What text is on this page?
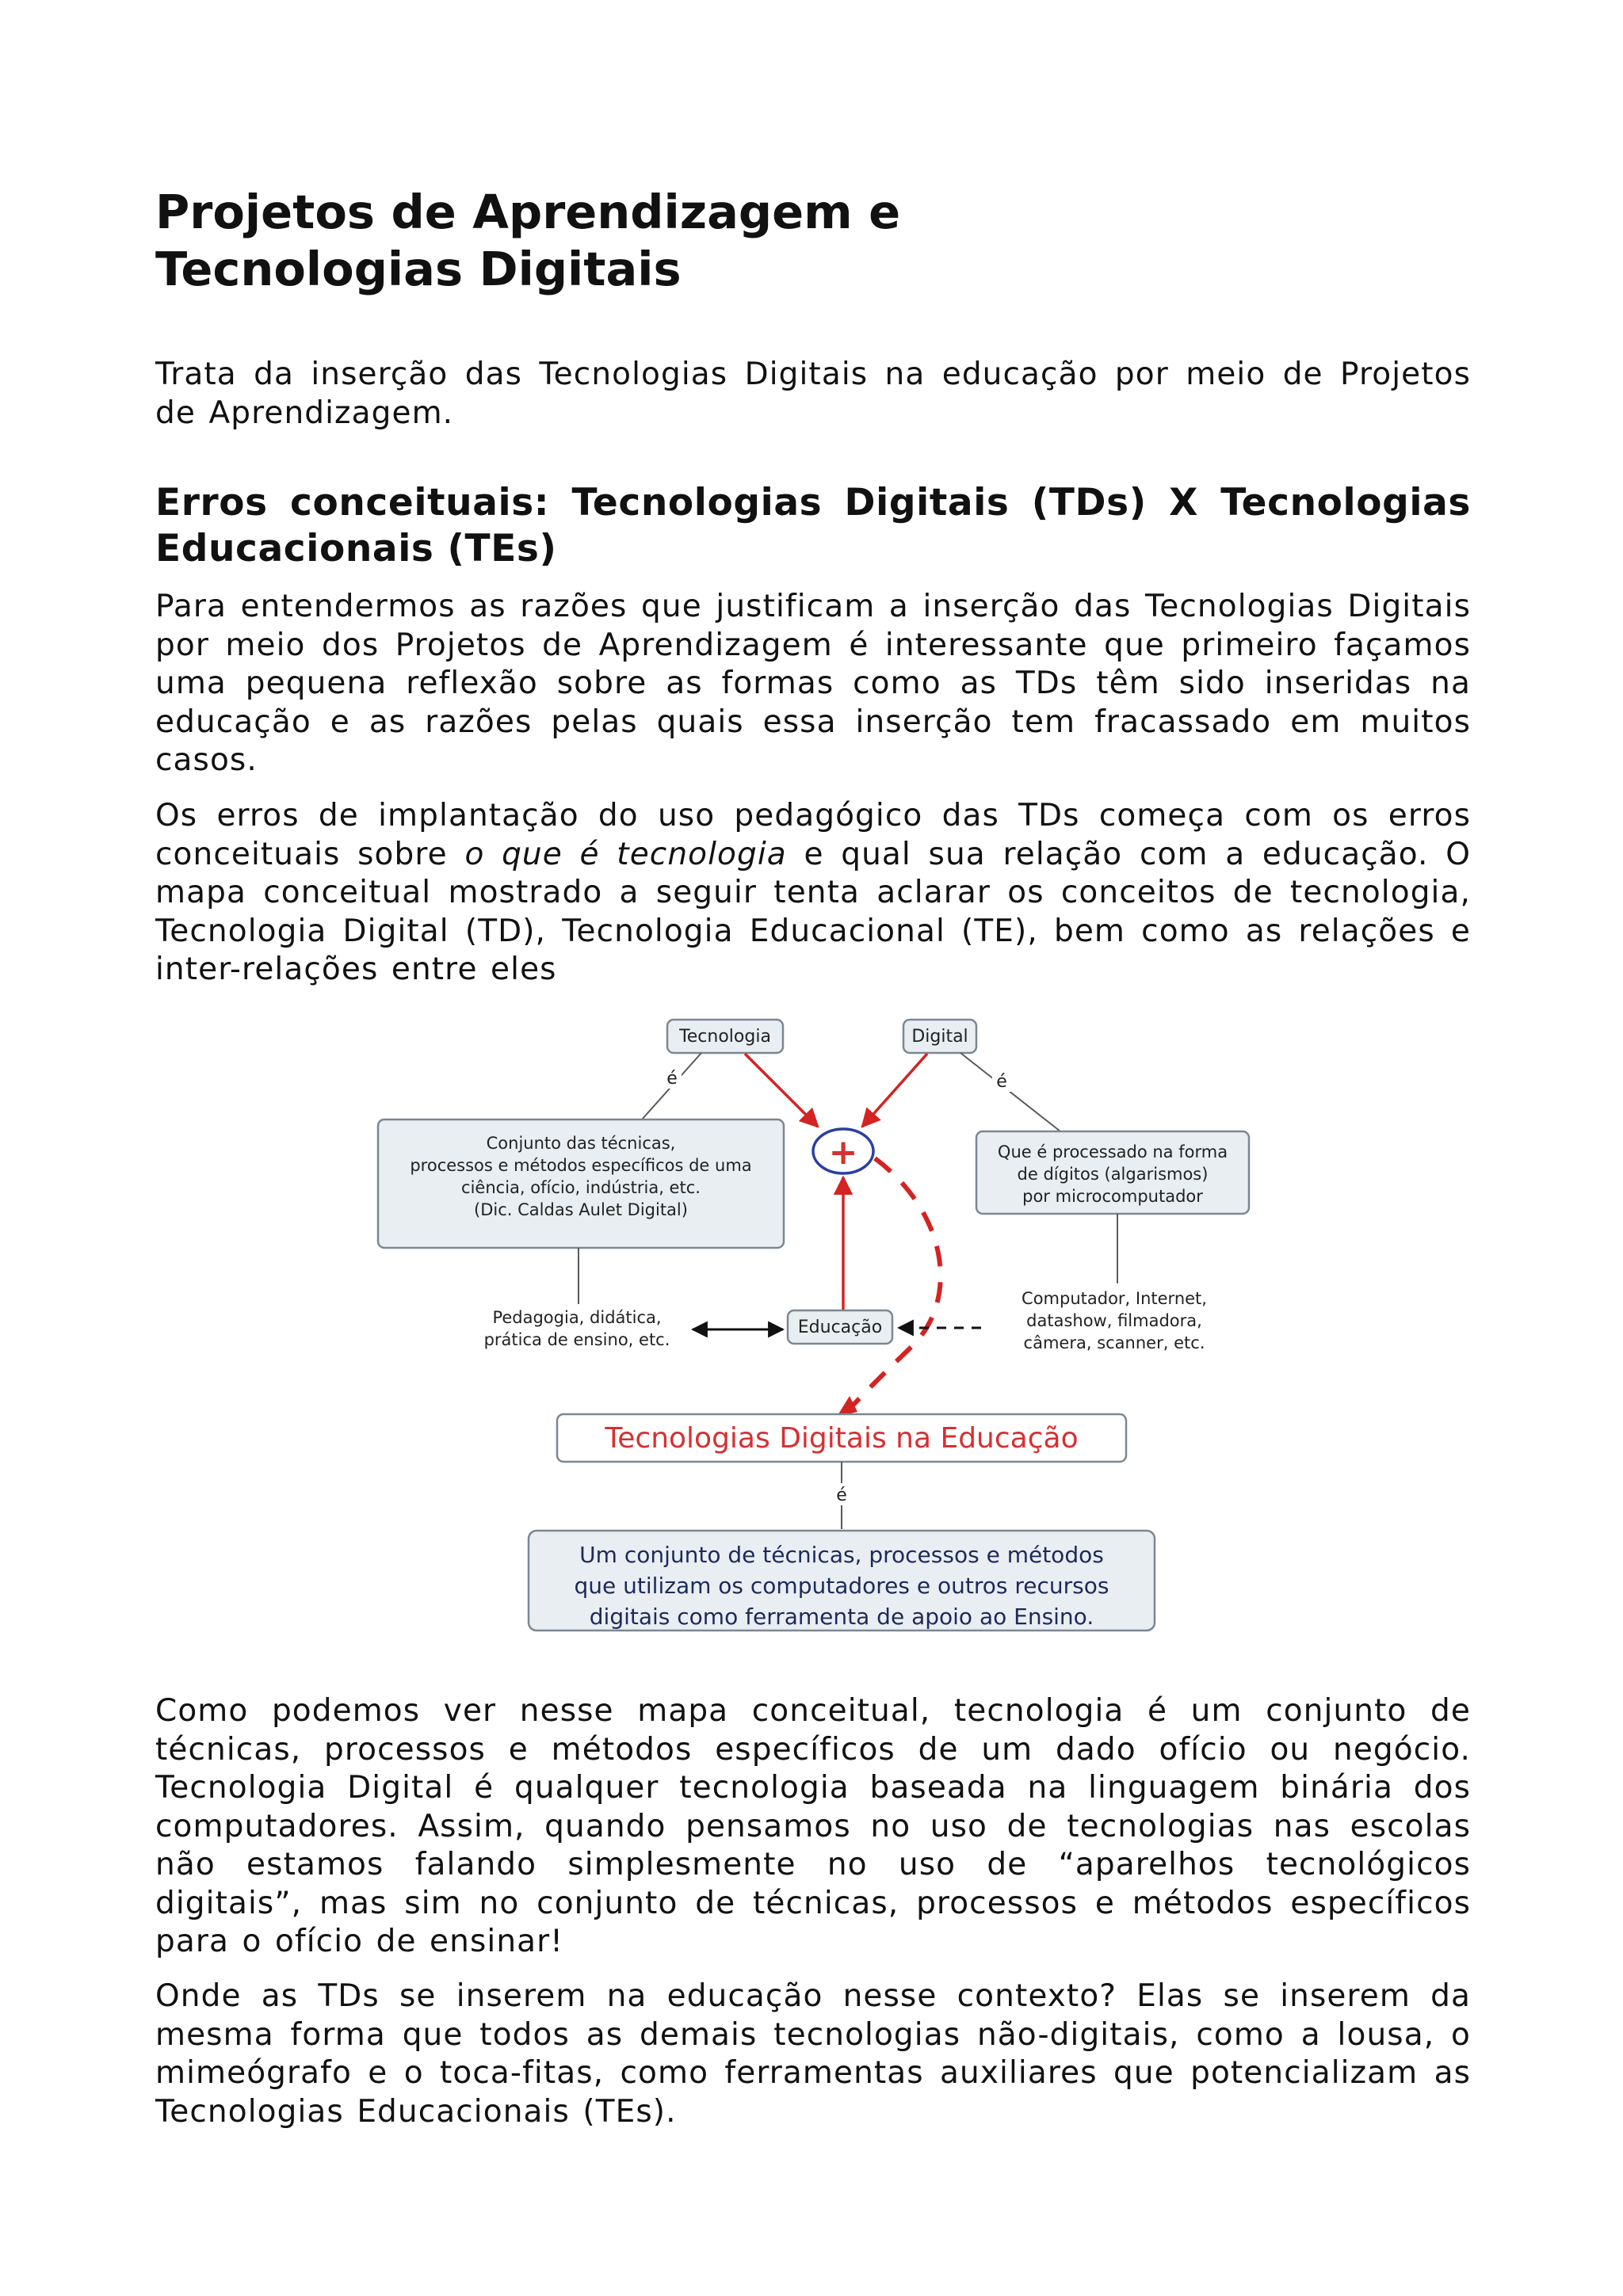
Projetos de Aprendizagem e
Tecnologias Digitais

Trata da inserção das Tecnologias Digitais na educação por meio de Projetos de Aprendizagem.

Erros conceituais: Tecnologias Digitais (TDs) X Tecnologias Educacionais (TEs)

Para entendermos as razões que justificam a inserção das Tecnologias Digitais por meio dos Projetos de Aprendizagem é interessante que primeiro façamos uma pequena reflexão sobre as formas como as TDs têm sido inseridas na educação e as razões pelas quais essa inserção tem fracassado em muitos casos.

Os erros de implantação do uso pedagógico das TDs começa com os erros conceituais sobre o que é tecnologia e qual sua relação com a educação. O mapa conceitual mostrado a seguir tenta aclarar os conceitos de tecnologia, Tecnologia Digital (TD), Tecnologia Educacional (TE), bem como as relações e inter-relações entre eles

Tecnologia	Digital
é	é
Conjunto das técnicas,
processos e métodos específicos de uma
ciência, ofício, indústria, etc.
(Dic. Caldas Aulet Digital)
Que é processado na forma
de dígitos (algarismos)
por microcomputador
+
Pedagogia, didática,
prática de ensino, etc.
Educação
Computador, Internet,
datashow, filmadora,
câmera, scanner, etc.
Tecnologias Digitais na Educação
é
Um conjunto de técnicas, processos e métodos
que utilizam os computadores e outros recursos
digitais como ferramenta de apoio ao Ensino.

Como podemos ver nesse mapa conceitual, tecnologia é um conjunto de técnicas, processos e métodos específicos de um dado ofício ou negócio. Tecnologia Digital é qualquer tecnologia baseada na linguagem binária dos computadores. Assim, quando pensamos no uso de tecnologias nas escolas não estamos falando simplesmente no uso de “aparelhos tecnológicos digitais”, mas sim no conjunto de técnicas, processos e métodos específicos para o ofício de ensinar!

Onde as TDs se inserem na educação nesse contexto? Elas se inserem da mesma forma que todos as demais tecnologias não-digitais, como a lousa, o mimeógrafo e o toca-fitas, como ferramentas auxiliares que potencializam as Tecnologias Educacionais (TEs).
